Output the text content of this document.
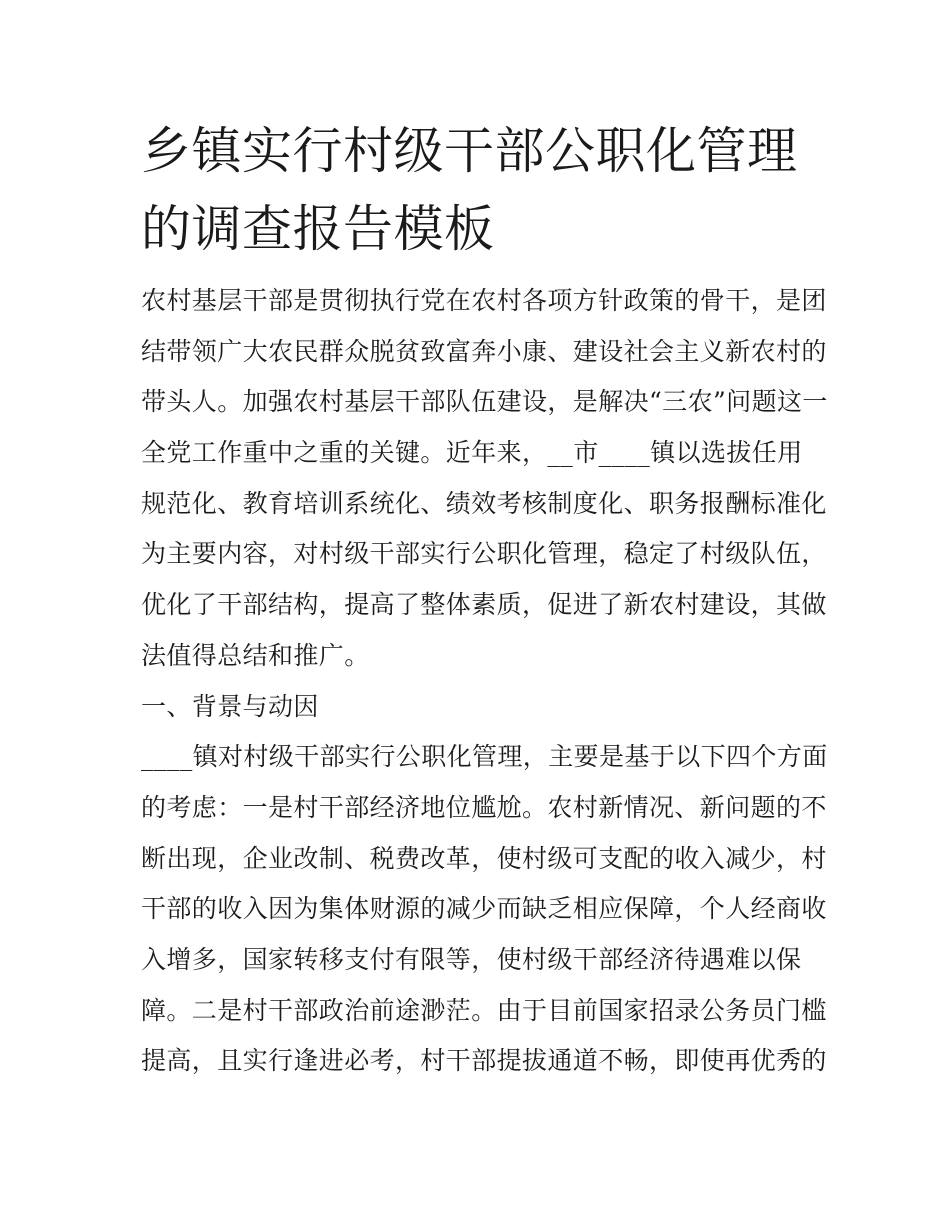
乡镇实行村级干部公职化管理
的调查报告模板
农村基层干部是贯彻执行党在农村各项方针政策的骨干，是团
结带领广大农民群众脱贫致富奔小康、建设社会主义新农村的
带头人。加强农村基层干部队伍建设，是解决“三农”问题这一
全党工作重中之重的关键。近年来，__市____镇以选拔任用
规范化、教育培训系统化、绩效考核制度化、职务报酬标准化
为主要内容，对村级干部实行公职化管理，稳定了村级队伍，
优化了干部结构，提高了整体素质，促进了新农村建设，其做
法值得总结和推广。
一、背景与动因
____镇对村级干部实行公职化管理，主要是基于以下四个方面
的考虑：一是村干部经济地位尴尬。农村新情况、新问题的不
断出现，企业改制、税费改革，使村级可支配的收入减少，村
干部的收入因为集体财源的减少而缺乏相应保障，个人经商收
入增多，国家转移支付有限等，使村级干部经济待遇难以保
障。二是村干部政治前途渺茫。由于目前国家招录公务员门槛
提高，且实行逢进必考，村干部提拔通道不畅，即使再优秀的
